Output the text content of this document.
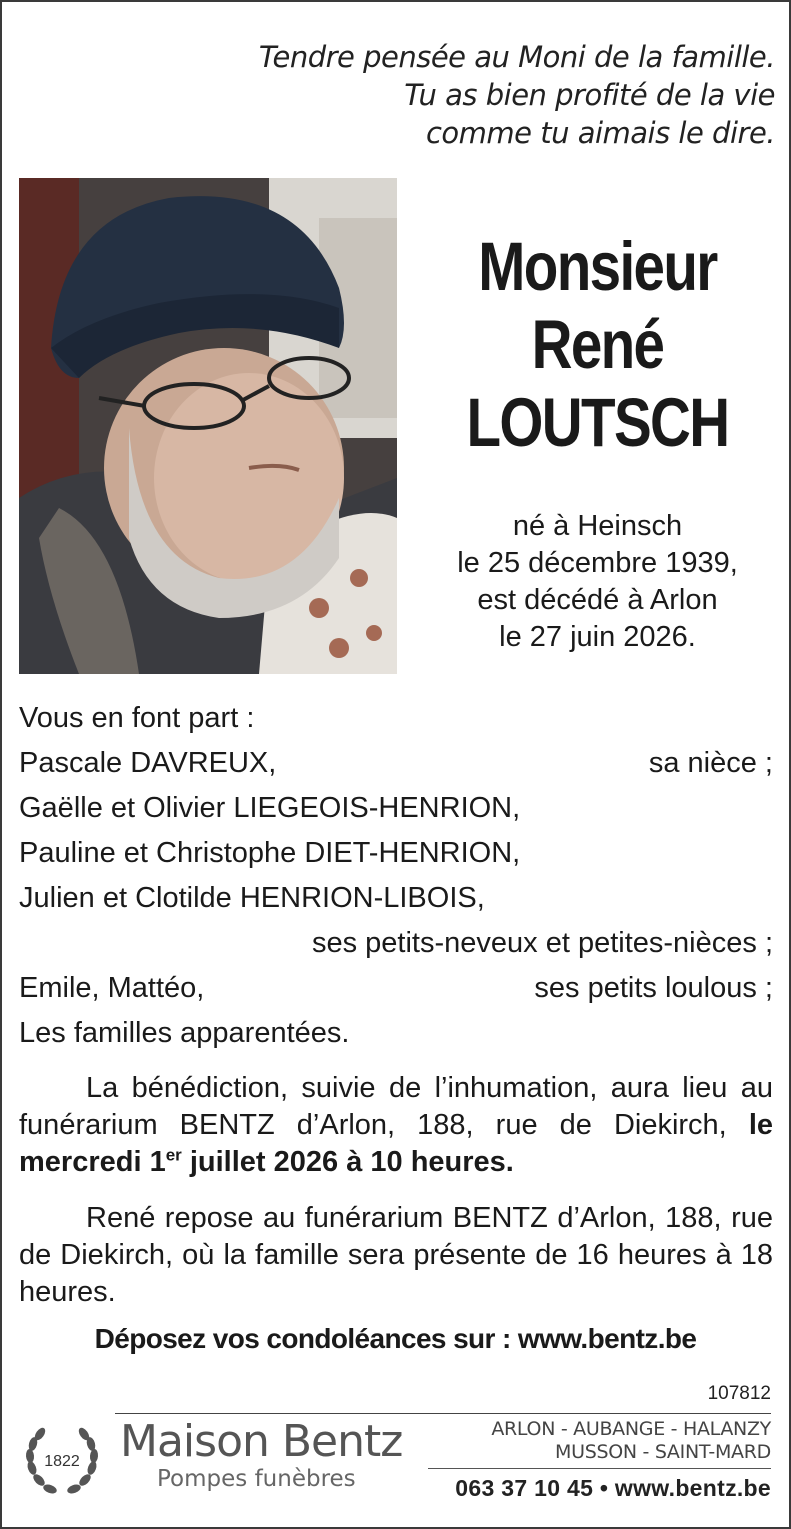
Tendre pensée au Moni de la famille.
Tu as bien profité de la vie
comme tu aimais le dire.
Monsieur
René
LOUTSCH
né à Heinsch
le 25 décembre 1939,
est décédé à Arlon
le 27 juin 2026.
Vous en font part :
Pascale DAVREUX,	sa nièce ;
Gaëlle et Olivier LIEGEOIS-HENRION,
Pauline et Christophe DIET-HENRION,
Julien et Clotilde HENRION-LIBOIS,
ses petits-neveux et petites-nièces ;
Emile, Mattéo,	ses petits loulous ;
Les familles apparentées.
La bénédiction, suivie de l’inhumation, aura lieu au funérarium BENTZ d’Arlon, 188, rue de Diekirch, le mercredi 1er juillet 2026 à 10 heures.
René repose au funérarium BENTZ d’Arlon, 188, rue de Diekirch, où la famille sera présente de 16 heures à 18 heures.
Déposez vos condoléances sur : www.bentz.be
107812
1822 Maison Bentz
Pompes funèbres
ARLON - AUBANGE - HALANZY
MUSSON - SAINT-MARD
063 37 10 45 • www.bentz.be
